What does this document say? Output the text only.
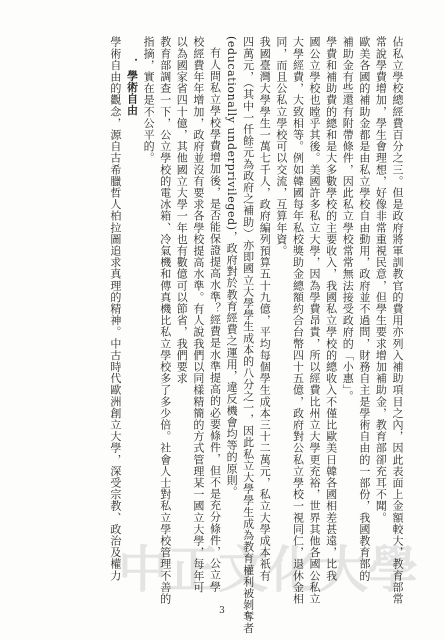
中 正 文 化 大 學
佔私立學校總經費百分之三。但是政府將軍訓教官的費用亦列入補助項目之內，因此表面上金額較大，教育部常
常說學費增加，學生會理想，好像非常重視民意，但學生要求增加補助金，教育部卻充耳不聞。
歐美各國的補助金都是由私立學校自由動用，政府並不過問，財務自主是學術自由的一部份，我國教育部的
補助金有些還有附帶條件，因此私立學校常常無法接受政府的「小惠」。
學費和補助費的總和是大多數學校的主要收入，我國私立學校的總收入不僅比歐美日韓各國相差甚遠，比我
國公立學校也瞠乎其後。美國許多私立大學，因為學費昂貴，所以經費比州立大學更充裕，世界其他各國公私立
大學經費，大致相等。例如韓國每年私校獎助金總額約合台幣四十五億，政府對公私立學校一視同仁，退休金相
同，而且公私立學校可以交流，互算年資。
我國臺灣大學學生一萬七千人，政府編列預算五十九億，平均每個學生成本三十二萬元，私立大學成本祇有
四萬元，（其中一仟餘元為政府之補助）亦即國立大學學生成本的八分之一，因此私立大學學生成為教育權利被剝奪者
(educationally underprivileged)，政府對於教育經費之運用，違反機會均等的原則。
有人問私立學校學費增加後，是否能保證提高水準？經費是水準提高的必要條件，但不是充分條件，公立學
校經費年年增加，政府並沒有要求各學校提高水準。有人說我們以同樣精簡的方式管理某一國立大學，每年可
以為國家省四十億，其他國立大學一年也有數億可以節省，我們要求
教育部調查一下，公立學校的電冰箱、冷氣機和傳真機比私立學校多了多少倍。社會人士對私立學校管理不善的
指摘，實在是不公平的。
．學術自由
學術自由的觀念，源自古希臘哲人柏拉圖追求真理的精神。中古時代歐洲創立大學，深受宗教、政治及權力
3
